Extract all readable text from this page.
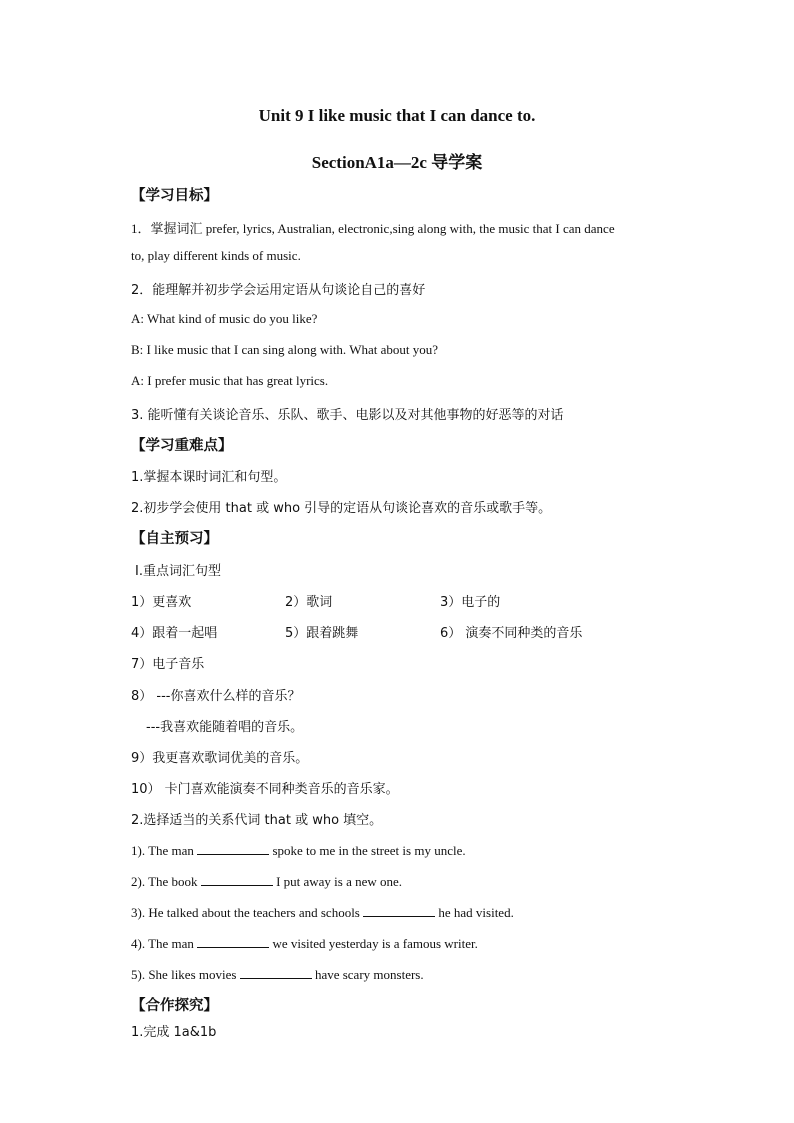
Unit 9 I like music that I can dance to.
SectionA1a—2c 导学案
【学习目标】
1．掌握词汇 prefer, lyrics, Australian, electronic,sing along with, the music that I can dance
to, play different kinds of music.
2．能理解并初步学会运用定语从句谈论自己的喜好
A: What kind of music do you like?
B: I like music that I can sing along with. What about you?
A: I prefer music that has great lyrics.
3. 能听懂有关谈论音乐、乐队、歌手、电影以及对其他事物的好恶等的对话
【学习重难点】
1.掌握本课时词汇和句型。
2.初步学会使用 that 或 who 引导的定语从句谈论喜欢的音乐或歌手等。
【自主预习】
Ⅰ.重点词汇句型
1）更喜欢	2）歌词	3）电子的
4）跟着一起唱	5）跟着跳舞	6） 演奏不同种类的音乐
7）电子音乐
8） ---你喜欢什么样的音乐？
---我喜欢能随着唱的音乐。
9）我更喜欢歌词优美的音乐。
10） 卡门喜欢能演奏不同种类音乐的音乐家。
2.选择适当的关系代词 that 或 who 填空。
1). The man	spoke to me in the street is my uncle.
2). The book	I put away is a new one.
3). He talked about the teachers and schools	he had visited.
4). The man	we visited yesterday is a famous writer.
5). She likes movies	have scary monsters.
【合作探究】
1.完成 1a&1b
